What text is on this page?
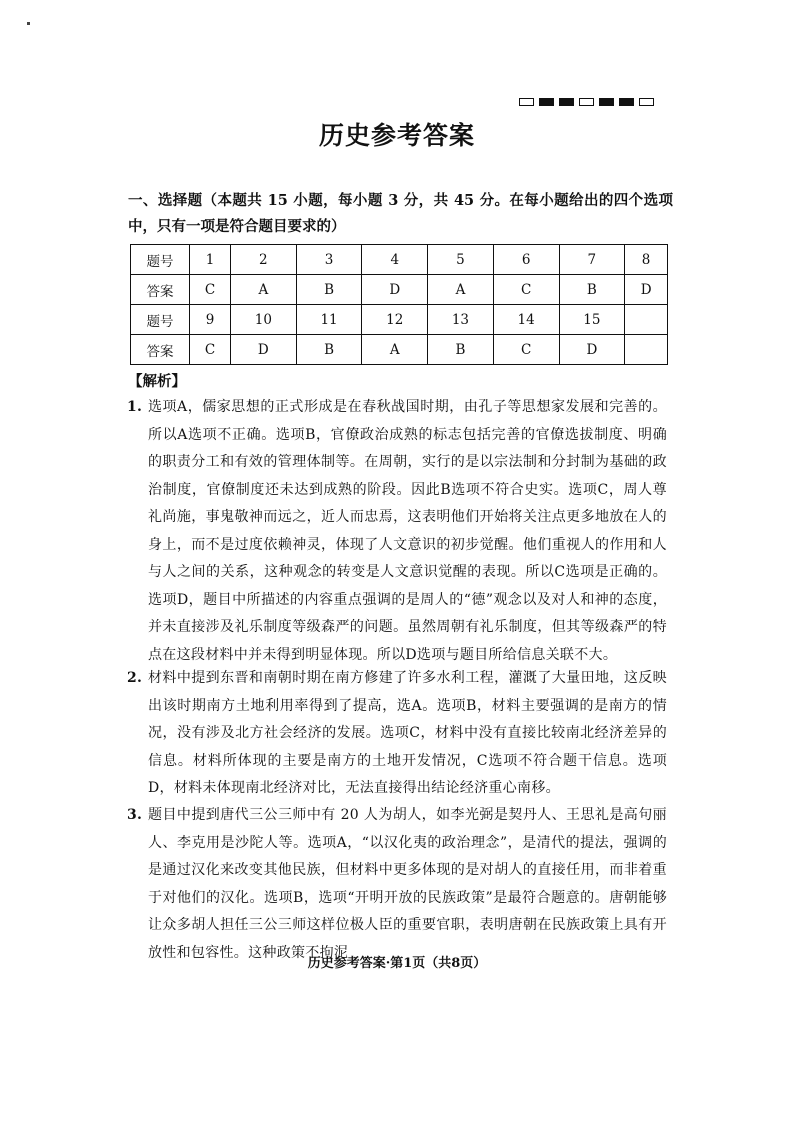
历史参考答案
一、选择题（本题共 15 小题，每小题 3 分，共 45 分。在每小题给出的四个选项中，只有一项是符合题目要求的）
题号	1	2	3	4	5	6	7	8
答案	C	A	B	D	A	C	B	D
题号	9	10	11	12	13	14	15	
答案	C	D	B	A	B	C	D	
【解析】
1. 选项A，儒家思想的正式形成是在春秋战国时期，由孔子等思想家发展和完善的。所以A选项不正确。选项B，官僚政治成熟的标志包括完善的官僚选拔制度、明确的职责分工和有效的管理体制等。在周朝，实行的是以宗法制和分封制为基础的政治制度，官僚制度还未达到成熟的阶段。因此B选项不符合史实。选项C，周人尊礼尚施，事鬼敬神而远之，近人而忠焉，这表明他们开始将关注点更多地放在人的身上，而不是过度依赖神灵，体现了人文意识的初步觉醒。他们重视人的作用和人与人之间的关系，这种观念的转变是人文意识觉醒的表现。所以C选项是正确的。选项D，题目中所描述的内容重点强调的是周人的“德”观念以及对人和神的态度，并未直接涉及礼乐制度等级森严的问题。虽然周朝有礼乐制度，但其等级森严的特点在这段材料中并未得到明显体现。所以D选项与题目所给信息关联不大。
2. 材料中提到东晋和南朝时期在南方修建了许多水利工程，灌溉了大量田地，这反映出该时期南方土地利用率得到了提高，选A。选项B，材料主要强调的是南方的情况，没有涉及北方社会经济的发展。选项C，材料中没有直接比较南北经济差异的信息。材料所体现的主要是南方的土地开发情况，C选项不符合题干信息。选项D，材料未体现南北经济对比，无法直接得出结论经济重心南移。
3. 题目中提到唐代三公三师中有 20 人为胡人，如李光弼是契丹人、王思礼是高句丽人、李克用是沙陀人等。选项A，“以汉化夷的政治理念”，是清代的提法，强调的是通过汉化来改变其他民族，但材料中更多体现的是对胡人的直接任用，而非着重于对他们的汉化。选项B，选项“开明开放的民族政策”是最符合题意的。唐朝能够让众多胡人担任三公三师这样位极人臣的重要官职，表明唐朝在民族政策上具有开放性和包容性。这种政策不拘泥
历史参考答案·第1页（共8页）
